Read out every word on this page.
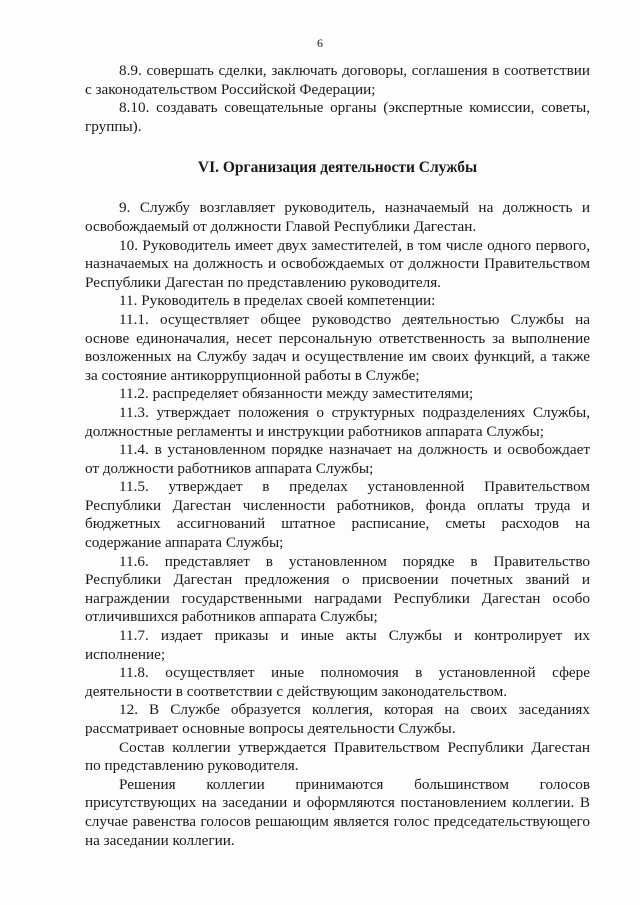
6

8.9. совершать сделки, заключать договоры, соглашения в соответствии с законодательством Российской Федерации;

8.10. создавать совещательные органы (экспертные комиссии, советы, группы).

VI. Организация деятельности Службы

9. Службу возглавляет руководитель, назначаемый на должность и освобождаемый от должности Главой Республики Дагестан.

10. Руководитель имеет двух заместителей, в том числе одного первого, назначаемых на должность и освобождаемых от должности Правительством Республики Дагестан по представлению руководителя.

11. Руководитель в пределах своей компетенции:

11.1. осуществляет общее руководство деятельностью Службы на основе единоначалия, несет персональную ответственность за выполнение возложенных на Службу задач и осуществление им своих функций, а также за состояние антикоррупционной работы в Службе;

11.2. распределяет обязанности между заместителями;

11.3. утверждает положения о структурных подразделениях Службы, должностные регламенты и инструкции работников аппарата Службы;

11.4. в установленном порядке назначает на должность и освобождает от должности работников аппарата Службы;

11.5. утверждает в пределах установленной Правительством Республики Дагестан численности работников, фонда оплаты труда и бюджетных ассигнований штатное расписание, сметы расходов на содержание аппарата Службы;

11.6. представляет в установленном порядке в Правительство Республики Дагестан предложения о присвоении почетных званий и награждении государственными наградами Республики Дагестан особо отличившихся работников аппарата Службы;

11.7. издает приказы и иные акты Службы и контролирует их исполнение;

11.8. осуществляет иные полномочия в установленной сфере деятельности в соответствии с действующим законодательством.

12. В Службе образуется коллегия, которая на своих заседаниях рассматривает основные вопросы деятельности Службы.

Состав коллегии утверждается Правительством Республики Дагестан по представлению руководителя.

Решения коллегии принимаются большинством голосов присутствующих на заседании и оформляются постановлением коллегии. В случае равенства голосов решающим является голос председательствующего на заседании коллегии.
